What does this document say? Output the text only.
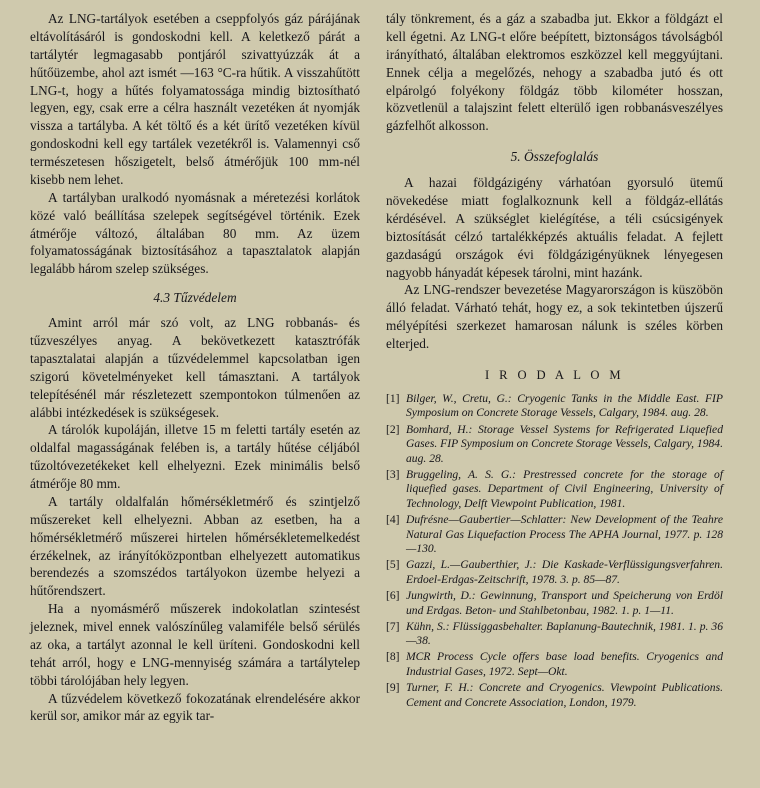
Az LNG-tartályok esetében a cseppfolyós gáz párájának eltávolításáról is gondoskodni kell. A keletkező párát a tartálytér legmagasabb pontjáról szivattyúzzák át a hűtőüzembe, ahol azt ismét —163 °C-ra hűtik. A visszahűtött LNG-t, hogy a hűtés folyamatossága mindig biztosítható legyen, egy, csak erre a célra használt vezetéken át nyomják vissza a tartályba. A két töltő és a két ürítő vezetéken kívül gondoskodni kell egy tartálek vezetékről is. Valamennyi cső természetesen hőszigetelt, belső átmérőjük 100 mm-nél kisebb nem lehet.

A tartályban uralkodó nyomásnak a méretezési korlátok közé való beállítása szelepek segítségével történik. Ezek átmérője változó, általában 80 mm. Az üzem folyamatosságának biztosításához a tapasztalatok alapján legalább három szelep szükséges.

4.3 Tűzvédelem

Amint arról már szó volt, az LNG robbanás- és tűzveszélyes anyag. A bekövetkezett katasztrófák tapasztalatai alapján a tűzvédelemmel kapcsolatban igen szigorú követelményeket kell támasztani. A tartályok telepítésénél már részletezett szempontokon túlmenően az alábbi intézkedések is szükségesek.

A tárolók kupoláján, illetve 15 m feletti tartály esetén az oldalfal magasságának felében is, a tartály hűtése céljából tűzoltóvezetékeket kell elhelyezni. Ezek minimális belső átmérője 80 mm.

A tartály oldalfalán hőmérsékletmérő és szintjelző műszereket kell elhelyezni. Abban az esetben, ha a hőmérsékletmérő műszerei hirtelen hőmérsékletemelkedést érzékelnek, az irányítóközpontban elhelyezett automatikus berendezés a szomszédos tartályokon üzembe helyezi a hűtőrendszert.

Ha a nyomásmérő műszerek indokolatlan szintesést jeleznek, mivel ennek valószínűleg valamiféle belső sérülés az oka, a tartályt azonnal le kell üríteni. Gondoskodni kell tehát arról, hogy e LNG-mennyiség számára a tartálytelep többi tárolójában hely legyen.

A tűzvédelem következő fokozatának elrendelésére akkor kerül sor, amikor már az egyik tar-

tály tönkrement, és a gáz a szabadba jut. Ekkor a földgázt el kell égetni. Az LNG-t előre beépített, biztonságos távolságból irányítható, általában elektromos eszközzel kell meggyújtani. Ennek célja a megelőzés, nehogy a szabadba jutó és ott elpárolgó folyékony földgáz több kilométer hosszan, közvetlenül a talajszint felett elterülő igen robbanásveszélyes gázfelhőt alkosson.

5. Összefoglalás

A hazai földgázigény várhatóan gyorsuló ütemű növekedése miatt foglalkoznunk kell a földgáz-ellátás kérdésével. A szükséglet kielégítése, a téli csúcsigények biztosítását célzó tartalékképzés aktuális feladat. A fejlett gazdaságú országok évi földgázigényüknek lényegesen nagyobb hányadát képesek tárolni, mint hazánk.

Az LNG-rendszer bevezetése Magyarországon is küszöbön álló feladat. Várható tehát, hogy ez, a sok tekintetben újszerű mélyépítési szerkezet hamarosan nálunk is széles körben elterjed.

I R O D A L O M
[1] Bilger, W., Cretu, G.: Cryogenic Tanks in the Middle East. FIP Symposium on Concrete Storage Vessels, Calgary, 1984. aug. 28.
[2] Bomhard, H.: Storage Vessel Systems for Refrigerated Liquefied Gases. FIP Symposium on Concrete Storage Vessels, Calgary, 1984. aug. 28.
[3] Bruggeling, A. S. G.: Prestressed concrete for the storage of liquefied gases. Department of Civil Engineering, University of Technology, Delft Viewpoint Publication, 1981.
[4] Dufrésne—Gaubertier—Schlatter: New Development of the Teahre Natural Gas Liquefaction Process The APHA Journal, 1977. p. 128—130.
[5] Gazzi, L.—Gauberthier, J.: Die Kaskade-Verflüssigungsverfahren. Erdoel-Erdgas-Zeitschrift, 1978. 3. p. 85—87.
[6] Jungwirth, D.: Gewinnung, Transport und Speicherung von Erdöl und Erdgas. Beton- und Stahlbetonbau, 1982. 1. p. 1—11.
[7] Kühn, S.: Flüssiggasbehalter. Baplanung-Bautechnik, 1981. 1. p. 36—38.
[8] MCR Process Cycle offers base load benefits. Cryogenics and Industrial Gases, 1972. Sept—Okt.
[9] Turner, F. H.: Concrete and Cryogenics. Viewpoint Publications. Cement and Concrete Association, London, 1979.
